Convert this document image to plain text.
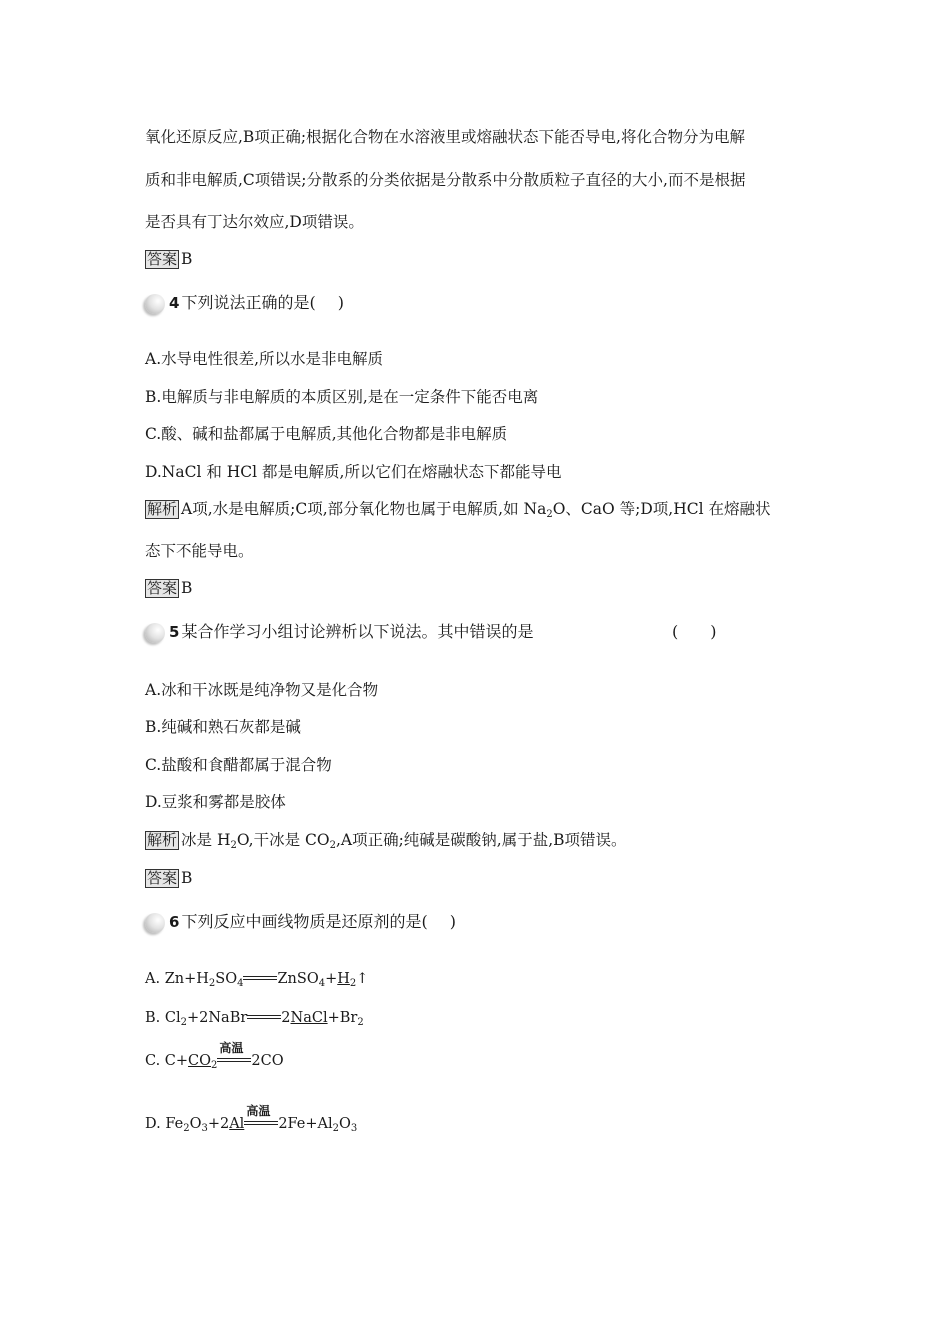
氧化还原反应,B项正确;根据化合物在水溶液里或熔融状态下能否导电,将化合物分为电解
质和非电解质,C项错误;分散系的分类依据是分散系中分散质粒子直径的大小,而不是根据
是否具有丁达尔效应,D项错误。
答案 B
4 下列说法正确的是( )
A.水导电性很差,所以水是非电解质
B.电解质与非电解质的本质区别,是在一定条件下能否电离
C.酸、碱和盐都属于电解质,其他化合物都是非电解质
D.NaCl 和 HCl 都是电解质,所以它们在熔融状态下都能导电
解析 A项,水是电解质;C项,部分氧化物也属于电解质,如 $Na_2O$、CaO 等;D项,HCl 在熔融状
态下不能导电。
答案 B
5 某合作学习小组讨论辨析以下说法。其中错误的是	(　　)
A.冰和干冰既是纯净物又是化合物
B.纯碱和熟石灰都是碱
C.盐酸和食醋都属于混合物
D.豆浆和雾都是胶体
解析 冰是 $H_2O$,干冰是 $CO_2,A$项正确;纯碱是碳酸钠,属于盐,B项错误。
答案 B
6 下列反应中画线物质是还原剂的是( )
A. $Zn+H_2SO_4$ $ZnSO_4+H_2↑$
B. $Cl_2+2NaBr$ $2NaCl+Br_2$
C. $C+CO_2$
高温
2CO
D. $Fe_2O_3+2Al$
高温
$2Fe+Al_2O_3$
